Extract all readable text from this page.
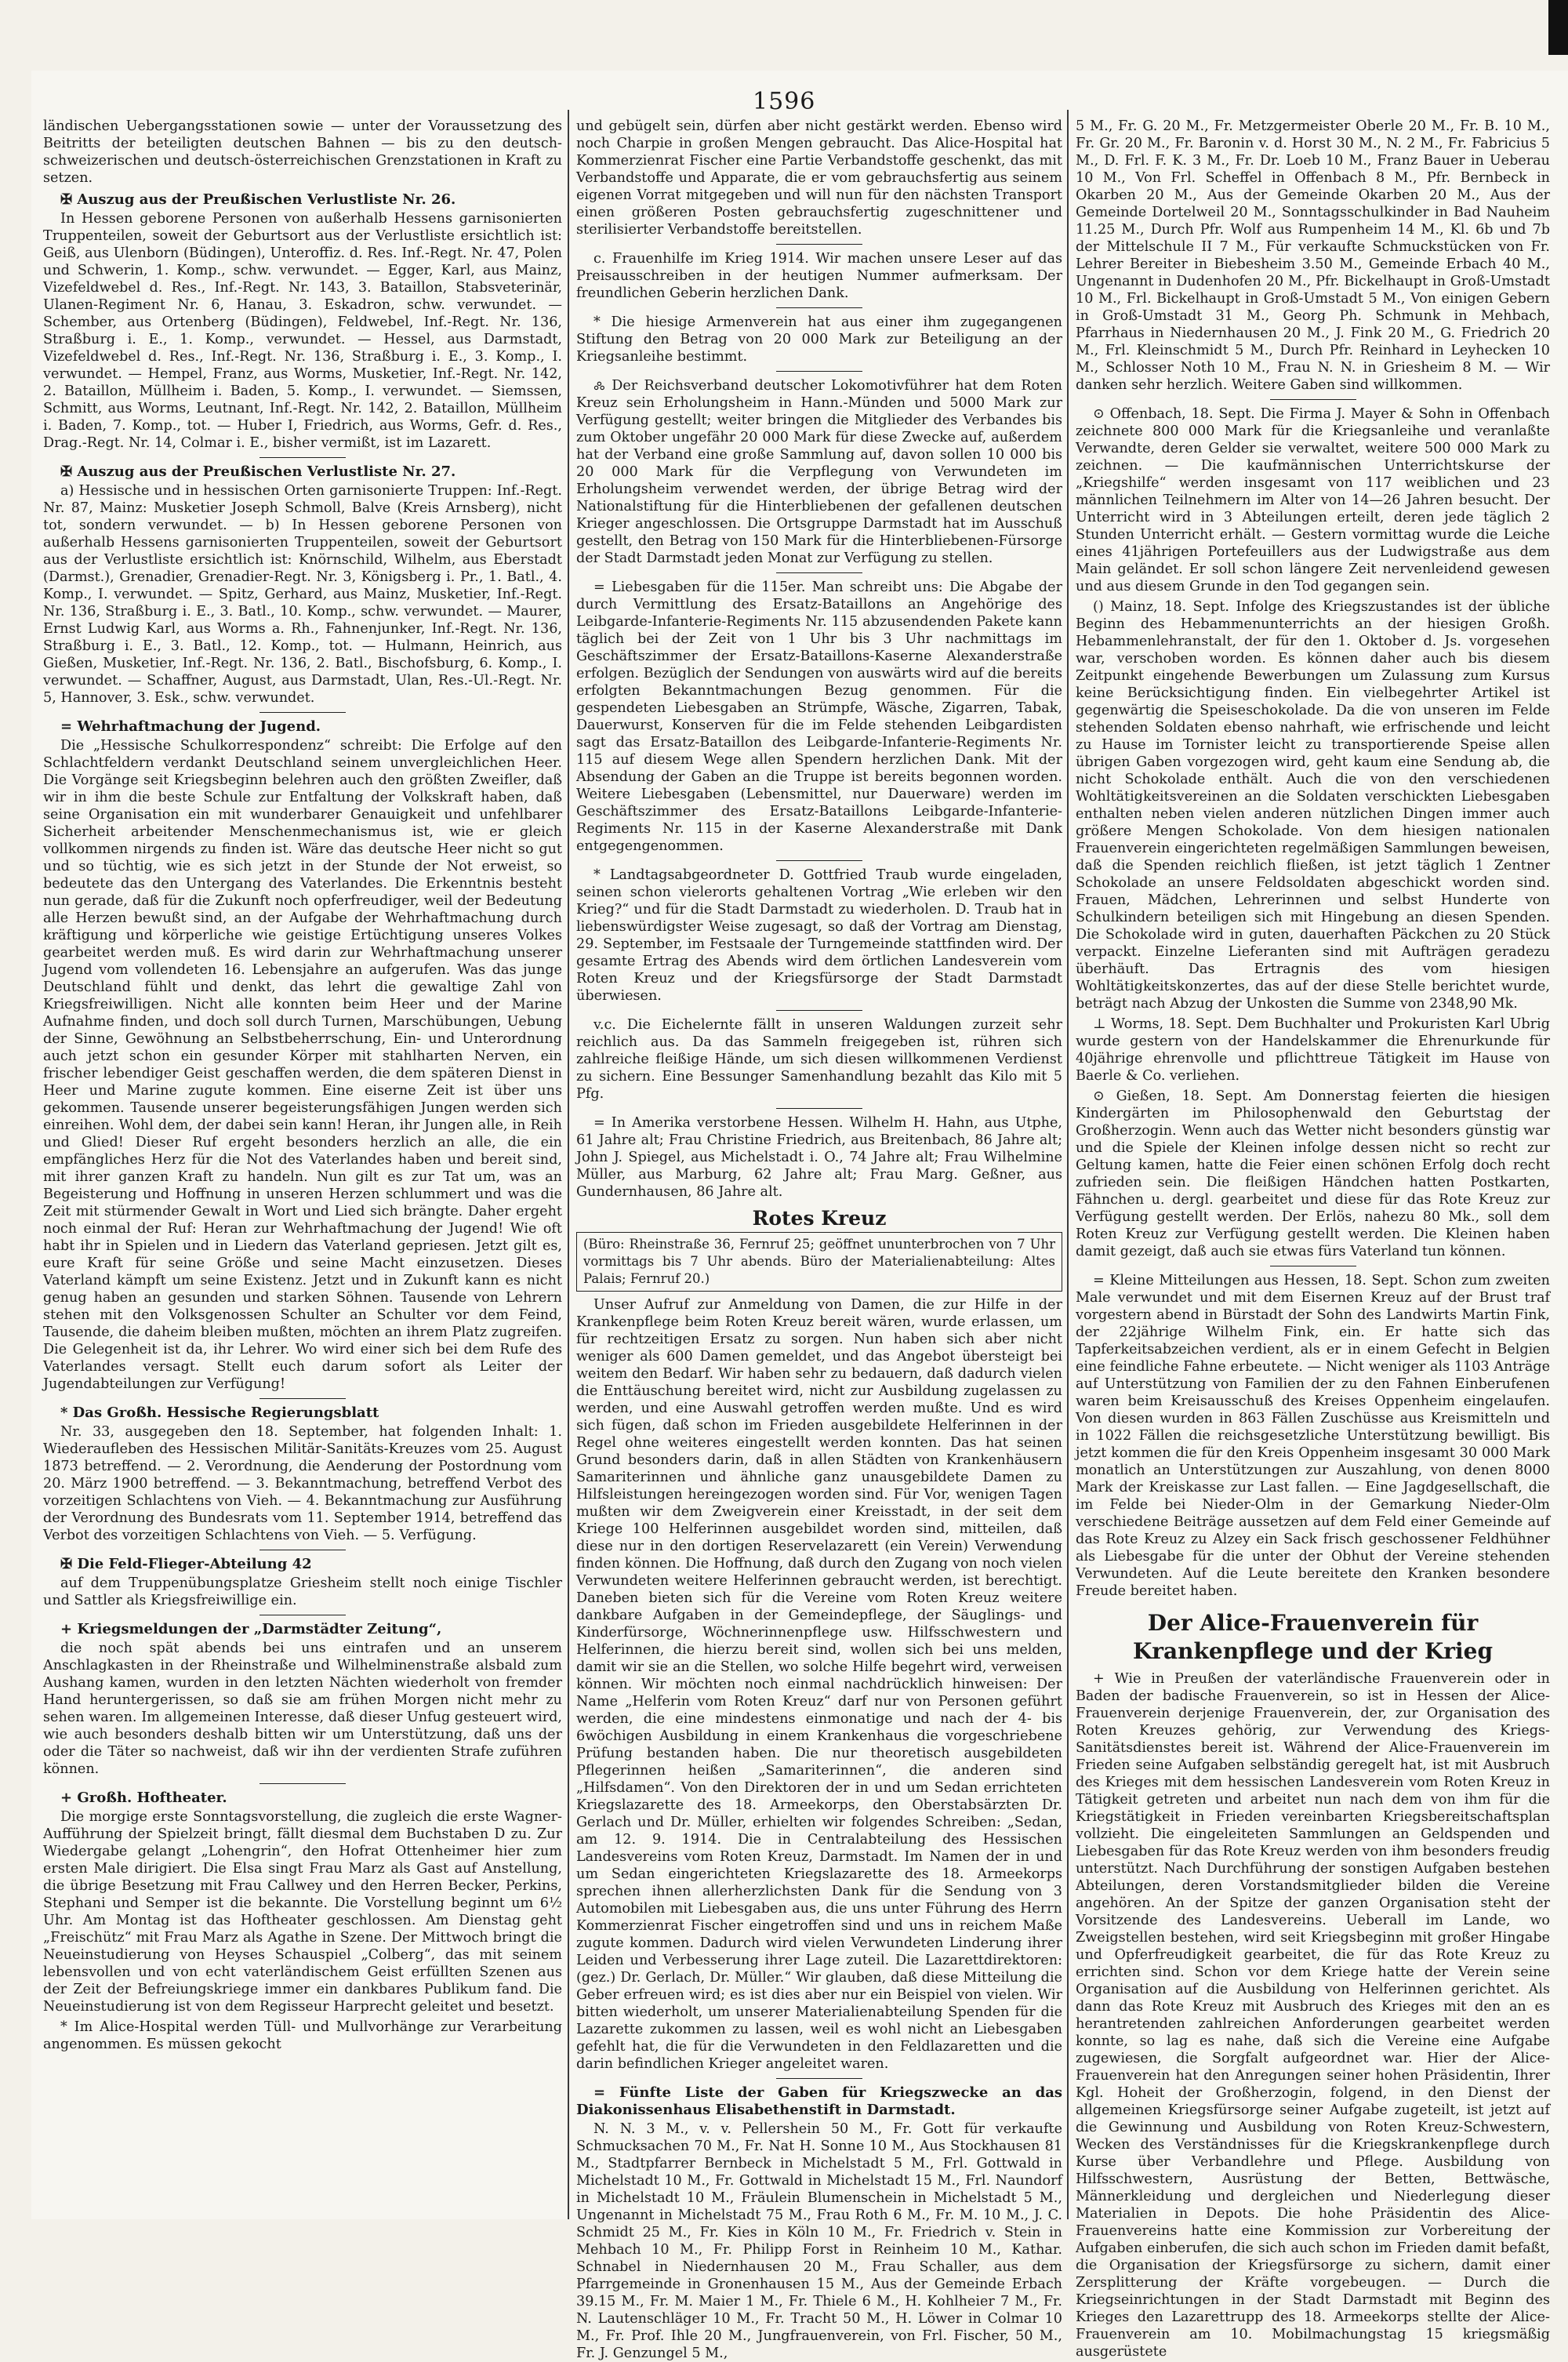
1596

ländischen Uebergangsstationen sowie — unter der Voraussetzung des Beitritts der beteiligten deutschen Bahnen — bis zu den deutsch-schweizerischen und deutsch-österreichischen Grenzstationen in Kraft zu setzen.

✠ Auszug aus der Preußischen Verlustliste Nr. 26.

In Hessen geborene Personen von außerhalb Hessens garnisonierten Truppenteilen, soweit der Geburtsort aus der Verlustliste ersichtlich ist: Geiß, aus Ulenborn (Büdingen), Unteroffiz. d. Res. Inf.-Regt. Nr. 47, Polen und Schwerin, 1. Komp., schw. verwundet. — Egger, Karl, aus Mainz, Vizefeldwebel d. Res., Inf.-Regt. Nr. 143, 3. Bataillon, Stabsveterinär, Ulanen-Regiment Nr. 6, Hanau, 3. Eskadron, schw. verwundet. — Schember, aus Ortenberg (Büdingen), Feldwebel, Inf.-Regt. Nr. 136, Straßburg i. E., 1. Komp., verwundet. — Hessel, aus Darmstadt, Vizefeldwebel d. Res., Inf.-Regt. Nr. 136, Straßburg i. E., 3. Komp., I. verwundet. — Hempel, Franz, aus Worms, Musketier, Inf.-Regt. Nr. 142, 2. Bataillon, Müllheim i. Baden, 5. Komp., I. verwundet. — Siemssen, Schmitt, aus Worms, Leutnant, Inf.-Regt. Nr. 142, 2. Bataillon, Müllheim i. Baden, 7. Komp., tot. — Huber I, Friedrich, aus Worms, Gefr. d. Res., Drag.-Regt. Nr. 14, Colmar i. E., bisher vermißt, ist im Lazarett.

✠ Auszug aus der Preußischen Verlustliste Nr. 27.

a) Hessische und in hessischen Orten garnisonierte Truppen: Inf.-Regt. Nr. 87, Mainz: Musketier Joseph Schmoll, Balve (Kreis Arnsberg), nicht tot, sondern verwundet. — b) In Hessen geborene Personen von außerhalb Hessens garnisonierten Truppenteilen, soweit der Geburtsort aus der Verlustliste ersichtlich ist: Knörnschild, Wilhelm, aus Eberstadt (Darmst.), Grenadier, Grenadier-Regt. Nr. 3, Königsberg i. Pr., 1. Batl., 4. Komp., I. verwundet. — Spitz, Gerhard, aus Mainz, Musketier, Inf.-Regt. Nr. 136, Straßburg i. E., 3. Batl., 10. Komp., schw. verwundet. — Maurer, Ernst Ludwig Karl, aus Worms a. Rh., Fahnenjunker, Inf.-Regt. Nr. 136, Straßburg i. E., 3. Batl., 12. Komp., tot. — Hulmann, Heinrich, aus Gießen, Musketier, Inf.-Regt. Nr. 136, 2. Batl., Bischofsburg, 6. Komp., I. verwundet. — Schaffner, August, aus Darmstadt, Ulan, Res.-Ul.-Regt. Nr. 5, Hannover, 3. Esk., schw. verwundet.

= Wehrhaftmachung der Jugend.

Die „Hessische Schulkorrespondenz“ schreibt: Die Erfolge auf den Schlachtfeldern verdankt Deutschland seinem unvergleichlichen Heer. Die Vorgänge seit Kriegsbeginn belehren auch den größten Zweifler, daß wir in ihm die beste Schule zur Entfaltung der Volkskraft haben, daß seine Organisation ein mit wunderbarer Genauigkeit und unfehlbarer Sicherheit arbeitender Menschenmechanismus ist, wie er gleich vollkommen nirgends zu finden ist. Wäre das deutsche Heer nicht so gut und so tüchtig, wie es sich jetzt in der Stunde der Not erweist, so bedeutete das den Untergang des Vaterlandes. Die Erkenntnis besteht nun gerade, daß für die Zukunft noch opferfreudiger, weil der Bedeutung alle Herzen bewußt sind, an der Aufgabe der Wehrhaftmachung durch kräftigung und körperliche wie geistige Ertüchtigung unseres Volkes gearbeitet werden muß. Es wird darin zur Wehrhaftmachung unserer Jugend vom vollendeten 16. Lebensjahre an aufgerufen. Was das junge Deutschland fühlt und denkt, das lehrt die gewaltige Zahl von Kriegsfreiwilligen. Nicht alle konnten beim Heer und der Marine Aufnahme finden, und doch soll durch Turnen, Marschübungen, Uebung der Sinne, Gewöhnung an Selbstbeherrschung, Ein- und Unterordnung auch jetzt schon ein gesunder Körper mit stahlharten Nerven, ein frischer lebendiger Geist geschaffen werden, die dem späteren Dienst in Heer und Marine zugute kommen. Eine eiserne Zeit ist über uns gekommen. Tausende unserer begeisterungsfähigen Jungen werden sich einreihen. Wohl dem, der dabei sein kann! Heran, ihr Jungen alle, in Reih und Glied! Dieser Ruf ergeht besonders herzlich an alle, die ein empfängliches Herz für die Not des Vaterlandes haben und bereit sind, mit ihrer ganzen Kraft zu handeln. Nun gilt es zur Tat um, was an Begeisterung und Hoffnung in unseren Herzen schlummert und was die Zeit mit stürmender Gewalt in Wort und Lied sich brängte. Daher ergeht noch einmal der Ruf: Heran zur Wehrhaftmachung der Jugend! Wie oft habt ihr in Spielen und in Liedern das Vaterland gepriesen. Jetzt gilt es, eure Kraft für seine Größe und seine Macht einzusetzen. Dieses Vaterland kämpft um seine Existenz. Jetzt und in Zukunft kann es nicht genug haben an gesunden und starken Söhnen. Tausende von Lehrern stehen mit den Volksgenossen Schulter an Schulter vor dem Feind, Tausende, die daheim bleiben mußten, möchten an ihrem Platz zugreifen. Die Gelegenheit ist da, ihr Lehrer. Wo wird einer sich bei dem Rufe des Vaterlandes versagt. Stellt euch darum sofort als Leiter der Jugendabteilungen zur Verfügung!

* Das Großh. Hessische Regierungsblatt

Nr. 33, ausgegeben den 18. September, hat folgenden Inhalt: 1. Wiederaufleben des Hessischen Militär-Sanitäts-Kreuzes vom 25. August 1873 betreffend. — 2. Verordnung, die Aenderung der Postordnung vom 20. März 1900 betreffend. — 3. Bekanntmachung, betreffend Verbot des vorzeitigen Schlachtens von Vieh. — 4. Bekanntmachung zur Ausführung der Verordnung des Bundesrats vom 11. September 1914, betreffend das Verbot des vorzeitigen Schlachtens von Vieh. — 5. Verfügung.

✠ Die Feld-Flieger-Abteilung 42

auf dem Truppenübungsplatze Griesheim stellt noch einige Tischler und Sattler als Kriegsfreiwillige ein.

+ Kriegsmeldungen der „Darmstädter Zeitung“,

die noch spät abends bei uns eintrafen und an unserem Anschlagkasten in der Rheinstraße und Wilhelminenstraße alsbald zum Aushang kamen, wurden in den letzten Nächten wiederholt von fremder Hand heruntergerissen, so daß sie am frühen Morgen nicht mehr zu sehen waren. Im allgemeinen Interesse, daß dieser Unfug gesteuert wird, wie auch besonders deshalb bitten wir um Unterstützung, daß uns der oder die Täter so nachweist, daß wir ihn der verdienten Strafe zuführen können.

+ Großh. Hoftheater.

Die morgige erste Sonntagsvorstellung, die zugleich die erste Wagner-Aufführung der Spielzeit bringt, fällt diesmal dem Buchstaben D zu. Zur Wiedergabe gelangt „Lohengrin“, den Hofrat Ottenheimer hier zum ersten Male dirigiert. Die Elsa singt Frau Marz als Gast auf Anstellung, die übrige Besetzung mit Frau Callwey und den Herren Becker, Perkins, Stephani und Semper ist die bekannte. Die Vorstellung beginnt um 6½ Uhr. Am Montag ist das Hoftheater geschlossen. Am Dienstag geht „Freischütz“ mit Frau Marz als Agathe in Szene. Der Mittwoch bringt die Neueinstudierung von Heyses Schauspiel „Colberg“, das mit seinem lebensvollen und von echt vaterländischem Geist erfüllten Szenen aus der Zeit der Befreiungskriege immer ein dankbares Publikum fand. Die Neueinstudierung ist von dem Regisseur Harprecht geleitet und besetzt.

* Im Alice-Hospital werden Tüll- und Mullvorhänge zur Verarbeitung angenommen. Es müssen gekocht

und gebügelt sein, dürfen aber nicht gestärkt werden. Ebenso wird noch Charpie in großen Mengen gebraucht. Das Alice-Hospital hat Kommerzienrat Fischer eine Partie Verbandstoffe geschenkt, das mit Verbandstoffe und Apparate, die er vom gebrauchsfertig aus seinem eigenen Vorrat mitgegeben und will nun für den nächsten Transport einen größeren Posten gebrauchsfertig zugeschnittener und sterilisierter Verbandstoffe bereitstellen.

c. Frauenhilfe im Krieg 1914. Wir machen unsere Leser auf das Preisausschreiben in der heutigen Nummer aufmerksam. Der freundlichen Geberin herzlichen Dank.

* Die hiesige Armenverein hat aus einer ihm zugegangenen Stiftung den Betrag von 20 000 Mark zur Beteiligung an der Kriegsanleihe bestimmt.

🝆 Der Reichsverband deutscher Lokomotivführer hat dem Roten Kreuz sein Erholungsheim in Hann.-Münden und 5000 Mark zur Verfügung gestellt; weiter bringen die Mitglieder des Verbandes bis zum Oktober ungefähr 20 000 Mark für diese Zwecke auf, außerdem hat der Verband eine große Sammlung auf, davon sollen 10 000 bis 20 000 Mark für die Verpflegung von Verwundeten im Erholungsheim verwendet werden, der übrige Betrag wird der Nationalstiftung für die Hinterbliebenen der gefallenen deutschen Krieger angeschlossen. Die Ortsgruppe Darmstadt hat im Ausschuß gestellt, den Betrag von 150 Mark für die Hinterbliebenen-Fürsorge der Stadt Darmstadt jeden Monat zur Verfügung zu stellen.

= Liebesgaben für die 115er. Man schreibt uns: Die Abgabe der durch Vermittlung des Ersatz-Bataillons an Angehörige des Leibgarde-Infanterie-Regiments Nr. 115 abzusendenden Pakete kann täglich bei der Zeit von 1 Uhr bis 3 Uhr nachmittags im Geschäftszimmer der Ersatz-Bataillons-Kaserne Alexanderstraße erfolgen. Bezüglich der Sendungen von auswärts wird auf die bereits erfolgten Bekanntmachungen Bezug genommen. Für die gespendeten Liebesgaben an Strümpfe, Wäsche, Zigarren, Tabak, Dauerwurst, Konserven für die im Felde stehenden Leibgardisten sagt das Ersatz-Bataillon des Leibgarde-Infanterie-Regiments Nr. 115 auf diesem Wege allen Spendern herzlichen Dank. Mit der Absendung der Gaben an die Truppe ist bereits begonnen worden. Weitere Liebesgaben (Lebensmittel, nur Dauerware) werden im Geschäftszimmer des Ersatz-Bataillons Leibgarde-Infanterie-Regiments Nr. 115 in der Kaserne Alexanderstraße mit Dank entgegengenommen.

* Landtagsabgeordneter D. Gottfried Traub wurde eingeladen, seinen schon vielerorts gehaltenen Vortrag „Wie erleben wir den Krieg?“ und für die Stadt Darmstadt zu wiederholen. D. Traub hat in liebenswürdigster Weise zugesagt, so daß der Vortrag am Dienstag, 29. September, im Festsaale der Turngemeinde stattfinden wird. Der gesamte Ertrag des Abends wird dem örtlichen Landesverein vom Roten Kreuz und der Kriegsfürsorge der Stadt Darmstadt überwiesen.

v.c. Die Eichelernte fällt in unseren Waldungen zurzeit sehr reichlich aus. Da das Sammeln freigegeben ist, rühren sich zahlreiche fleißige Hände, um sich diesen willkommenen Verdienst zu sichern. Eine Bessunger Samenhandlung bezahlt das Kilo mit 5 Pfg.

= In Amerika verstorbene Hessen. Wilhelm H. Hahn, aus Utphe, 61 Jahre alt; Frau Christine Friedrich, aus Breitenbach, 86 Jahre alt; John J. Spiegel, aus Michelstadt i. O., 74 Jahre alt; Frau Wilhelmine Müller, aus Marburg, 62 Jahre alt; Frau Marg. Geßner, aus Gundernhausen, 86 Jahre alt.

Rotes Kreuz
(Büro: Rheinstraße 36, Fernruf 25; geöffnet ununterbrochen von 7 Uhr vormittags bis 7 Uhr abends. Büro der Materialienabteilung: Altes Palais; Fernruf 20.)

Unser Aufruf zur Anmeldung von Damen, die zur Hilfe in der Krankenpflege beim Roten Kreuz bereit wären, wurde erlassen, um für rechtzeitigen Ersatz zu sorgen. Nun haben sich aber nicht weniger als 600 Damen gemeldet, und das Angebot übersteigt bei weitem den Bedarf. Wir haben sehr zu bedauern, daß dadurch vielen die Enttäuschung bereitet wird, nicht zur Ausbildung zugelassen zu werden, und eine Auswahl getroffen werden mußte. Und es wird sich fügen, daß schon im Frieden ausgebildete Helferinnen in der Regel ohne weiteres eingestellt werden konnten. Das hat seinen Grund besonders darin, daß in allen Städten von Krankenhäusern Samariterinnen und ähnliche ganz unausgebildete Damen zu Hilfsleistungen hereingezogen worden sind. Für Vor, wenigen Tagen mußten wir dem Zweigverein einer Kreisstadt, in der seit dem Kriege 100 Helferinnen ausgebildet worden sind, mitteilen, daß diese nur in den dortigen Reservelazarett (ein Verein) Verwendung finden können. Die Hoffnung, daß durch den Zugang von noch vielen Verwundeten weitere Helferinnen gebraucht werden, ist berechtigt. Daneben bieten sich für die Vereine vom Roten Kreuz weitere dankbare Aufgaben in der Gemeindepflege, der Säuglings- und Kinderfürsorge, Wöchnerinnenpflege usw. Hilfsschwestern und Helferinnen, die hierzu bereit sind, wollen sich bei uns melden, damit wir sie an die Stellen, wo solche Hilfe begehrt wird, verweisen können. Wir möchten noch einmal nachdrücklich hinweisen: Der Name „Helferin vom Roten Kreuz“ darf nur von Personen geführt werden, die eine mindestens einmonatige und nach der 4- bis 6wöchigen Ausbildung in einem Krankenhaus die vorgeschriebene Prüfung bestanden haben. Die nur theoretisch ausgebildeten Pflegerinnen heißen „Samariterinnen“, die anderen sind „Hilfsdamen“. Von den Direktoren der in und um Sedan errichteten Kriegslazarette des 18. Armeekorps, den Oberstabsärzten Dr. Gerlach und Dr. Müller, erhielten wir folgendes Schreiben: „Sedan, am 12. 9. 1914. Die in Centralabteilung des Hessischen Landesvereins vom Roten Kreuz, Darmstadt. Im Namen der in und um Sedan eingerichteten Kriegslazarette des 18. Armeekorps sprechen ihnen allerherzlichsten Dank für die Sendung von 3 Automobilen mit Liebesgaben aus, die uns unter Führung des Herrn Kommerzienrat Fischer eingetroffen sind und uns in reichem Maße zugute kommen. Dadurch wird vielen Verwundeten Linderung ihrer Leiden und Verbesserung ihrer Lage zuteil. Die Lazarettdirektoren: (gez.) Dr. Gerlach, Dr. Müller.“ Wir glauben, daß diese Mitteilung die Geber erfreuen wird; es ist dies aber nur ein Beispiel von vielen. Wir bitten wiederholt, um unserer Materialienabteilung Spenden für die Lazarette zukommen zu lassen, weil es wohl nicht an Liebesgaben gefehlt hat, die für die Verwundeten in den Feldlazaretten und die darin befindlichen Krieger angeleitet waren.

= Fünfte Liste der Gaben für Kriegszwecke an das Diakonissenhaus Elisabethenstift in Darmstadt.

N. N. 3 M., v. v. Pellershein 50 M., Fr. Gott für verkaufte Schmucksachen 70 M., Fr. Nat H. Sonne 10 M., Aus Stockhausen 81 M., Stadtpfarrer Bernbeck in Michelstadt 5 M., Frl. Gottwald in Michelstadt 10 M., Fr. Gottwald in Michelstadt 15 M., Frl. Naundorf in Michelstadt 10 M., Fräulein Blumenschein in Michelstadt 5 M., Ungenannt in Michelstadt 75 M., Frau Roth 6 M., Fr. M. 10 M., J. C. Schmidt 25 M., Fr. Kies in Köln 10 M., Fr. Friedrich v. Stein in Mehbach 10 M., Fr. Philipp Forst in Reinheim 10 M., Kathar. Schnabel in Niedernhausen 20 M., Frau Schaller, aus dem Pfarrgemeinde in Gronenhausen 15 M., Aus der Gemeinde Erbach 39.15 M., Fr. M. Maier 1 M., Fr. Thiele 6 M., H. Kohlheier 7 M., Fr. N. Lautenschläger 10 M., Fr. Tracht 50 M., H. Löwer in Colmar 10 M., Fr. Prof. Ihle 20 M., Jungfrauenverein, von Frl. Fischer, 50 M., Fr. J. Genzungel 5 M.,

5 M., Fr. G. 20 M., Fr. Metzgermeister Oberle 20 M., Fr. B. 10 M., Fr. Gr. 20 M., Fr. Baronin v. d. Horst 30 M., N. 2 M., Fr. Fabricius 5 M., D. Frl. F. K. 3 M., Fr. Dr. Loeb 10 M., Franz Bauer in Ueberau 10 M., Von Frl. Scheffel in Offenbach 8 M., Pfr. Bernbeck in Okarben 20 M., Aus der Gemeinde Okarben 20 M., Aus der Gemeinde Dortelweil 20 M., Sonntagsschulkinder in Bad Nauheim 11.25 M., Durch Pfr. Wolf aus Rumpenheim 14 M., Kl. 6b und 7b der Mittelschule II 7 M., Für verkaufte Schmuckstücken von Fr. Lehrer Bereiter in Biebesheim 3.50 M., Gemeinde Erbach 40 M., Ungenannt in Dudenhofen 20 M., Pfr. Bickelhaupt in Groß-Umstadt 10 M., Frl. Bickelhaupt in Groß-Umstadt 5 M., Von einigen Gebern in Groß-Umstadt 31 M., Georg Ph. Schmunk in Mehbach, Pfarrhaus in Niedernhausen 20 M., J. Fink 20 M., G. Friedrich 20 M., Frl. Kleinschmidt 5 M., Durch Pfr. Reinhard in Leyhecken 10 M., Schlosser Noth 10 M., Frau N. N. in Griesheim 8 M. — Wir danken sehr herzlich. Weitere Gaben sind willkommen.

⊙ Offenbach, 18. Sept. Die Firma J. Mayer & Sohn in Offenbach zeichnete 800 000 Mark für die Kriegsanleihe und veranlaßte Verwandte, deren Gelder sie verwaltet, weitere 500 000 Mark zu zeichnen. — Die kaufmännischen Unterrichtskurse der „Kriegshilfe“ werden insgesamt von 117 weiblichen und 23 männlichen Teilnehmern im Alter von 14—26 Jahren besucht. Der Unterricht wird in 3 Abteilungen erteilt, deren jede täglich 2 Stunden Unterricht erhält. — Gestern vormittag wurde die Leiche eines 41jährigen Portefeuillers aus der Ludwigstraße aus dem Main geländet. Er soll schon längere Zeit nervenleidend gewesen und aus diesem Grunde in den Tod gegangen sein.

() Mainz, 18. Sept. Infolge des Kriegszustandes ist der übliche Beginn des Hebammenunterrichts an der hiesigen Großh. Hebammenlehranstalt, der für den 1. Oktober d. Js. vorgesehen war, verschoben worden. Es können daher auch bis diesem Zeitpunkt eingehende Bewerbungen um Zulassung zum Kursus keine Berücksichtigung finden. Ein vielbegehrter Artikel ist gegenwärtig die Speiseschokolade. Da die von unseren im Felde stehenden Soldaten ebenso nahrhaft, wie erfrischende und leicht zu Hause im Tornister leicht zu transportierende Speise allen übrigen Gaben vorgezogen wird, geht kaum eine Sendung ab, die nicht Schokolade enthält. Auch die von den verschiedenen Wohltätigkeitsvereinen an die Soldaten verschickten Liebesgaben enthalten neben vielen anderen nützlichen Dingen immer auch größere Mengen Schokolade. Von dem hiesigen nationalen Frauenverein eingerichteten regelmäßigen Sammlungen beweisen, daß die Spenden reichlich fließen, ist jetzt täglich 1 Zentner Schokolade an unsere Feldsoldaten abgeschickt worden sind. Frauen, Mädchen, Lehrerinnen und selbst Hunderte von Schulkindern beteiligen sich mit Hingebung an diesen Spenden. Die Schokolade wird in guten, dauerhaften Päckchen zu 20 Stück verpackt. Einzelne Lieferanten sind mit Aufträgen geradezu überhäuft. Das Ertragnis des vom hiesigen Wohltätigkeitskonzertes, das auf der diese Stelle berichtet wurde, beträgt nach Abzug der Unkosten die Summe von 2348,90 Mk.

⊥ Worms, 18. Sept. Dem Buchhalter und Prokuristen Karl Ubrig wurde gestern von der Handelskammer die Ehrenurkunde für 40jährige ehrenvolle und pflichttreue Tätigkeit im Hause von Baerle & Co. verliehen.

⊙ Gießen, 18. Sept. Am Donnerstag feierten die hiesigen Kindergärten im Philosophenwald den Geburtstag der Großherzogin. Wenn auch das Wetter nicht besonders günstig war und die Spiele der Kleinen infolge dessen nicht so recht zur Geltung kamen, hatte die Feier einen schönen Erfolg doch recht zufrieden sein. Die fleißigen Händchen hatten Postkarten, Fähnchen u. dergl. gearbeitet und diese für das Rote Kreuz zur Verfügung gestellt werden. Der Erlös, nahezu 80 Mk., soll dem Roten Kreuz zur Verfügung gestellt werden. Die Kleinen haben damit gezeigt, daß auch sie etwas fürs Vaterland tun können.

= Kleine Mitteilungen aus Hessen, 18. Sept. Schon zum zweiten Male verwundet und mit dem Eisernen Kreuz auf der Brust traf vorgestern abend in Bürstadt der Sohn des Landwirts Martin Fink, der 22jährige Wilhelm Fink, ein. Er hatte sich das Tapferkeitsabzeichen verdient, als er in einem Gefecht in Belgien eine feindliche Fahne erbeutete. — Nicht weniger als 1103 Anträge auf Unterstützung von Familien der zu den Fahnen Einberufenen waren beim Kreisausschuß des Kreises Oppenheim eingelaufen. Von diesen wurden in 863 Fällen Zuschüsse aus Kreismitteln und in 1022 Fällen die reichsgesetzliche Unterstützung bewilligt. Bis jetzt kommen die für den Kreis Oppenheim insgesamt 30 000 Mark monatlich an Unterstützungen zur Auszahlung, von denen 8000 Mark der Kreiskasse zur Last fallen. — Eine Jagdgesellschaft, die im Felde bei Nieder-Olm in der Gemarkung Nieder-Olm verschiedene Beiträge aussetzen auf dem Feld einer Gemeinde auf das Rote Kreuz zu Alzey ein Sack frisch geschossener Feldhühner als Liebesgabe für die unter der Obhut der Vereine stehenden Verwundeten. Auf die Leute bereitete den Kranken besondere Freude bereitet haben.

Der Alice-Frauenverein für Krankenpflege und der Krieg

+ Wie in Preußen der vaterländische Frauenverein oder in Baden der badische Frauenverein, so ist in Hessen der Alice-Frauenverein derjenige Frauenverein, der, zur Organisation des Roten Kreuzes gehörig, zur Verwendung des Kriegs-Sanitätsdienstes bereit ist. Während der Alice-Frauenverein im Frieden seine Aufgaben selbständig geregelt hat, ist mit Ausbruch des Krieges mit dem hessischen Landesverein vom Roten Kreuz in Tätigkeit getreten und arbeitet nun nach dem von ihm für die Kriegstätigkeit in Frieden vereinbarten Kriegsbereitschaftsplan vollzieht. Die eingeleiteten Sammlungen an Geldspenden und Liebesgaben für das Rote Kreuz werden von ihm besonders freudig unterstützt. Nach Durchführung der sonstigen Aufgaben bestehen Abteilungen, deren Vorstandsmitglieder bilden die Vereine angehören. An der Spitze der ganzen Organisation steht der Vorsitzende des Landesvereins. Ueberall im Lande, wo Zweigstellen bestehen, wird seit Kriegsbeginn mit großer Hingabe und Opferfreudigkeit gearbeitet, die für das Rote Kreuz zu errichten sind. Schon vor dem Kriege hatte der Verein seine Organisation auf die Ausbildung von Helferinnen gerichtet. Als dann das Rote Kreuz mit Ausbruch des Krieges mit den an es herantretenden zahlreichen Anforderungen gearbeitet werden konnte, so lag es nahe, daß sich die Vereine eine Aufgabe zugewiesen, die Sorgfalt aufgeordnet war. Hier der Alice-Frauenverein hat den Anregungen seiner hohen Präsidentin, Ihrer Kgl. Hoheit der Großherzogin, folgend, in den Dienst der allgemeinen Kriegsfürsorge seiner Aufgabe zugeteilt, ist jetzt auf die Gewinnung und Ausbildung von Roten Kreuz-Schwestern, Wecken des Verständnisses für die Kriegskrankenpflege durch Kurse über Verbandlehre und Pflege. Ausbildung von Hilfsschwestern, Ausrüstung der Betten, Bettwäsche, Männerkleidung und dergleichen und Niederlegung dieser Materialien in Depots. Die hohe Präsidentin des Alice-Frauenvereins hatte eine Kommission zur Vorbereitung der Aufgaben einberufen, die sich auch schon im Frieden damit befaßt, die Organisation der Kriegsfürsorge zu sichern, damit einer Zersplitterung der Kräfte vorgebeugen. — Durch die Kriegseinrichtungen in der Stadt Darmstadt mit Beginn des Krieges den Lazarettrupp des 18. Armeekorps stellte der Alice-Frauenverein am 10. Mobilmachungstag 15 kriegsmäßig ausgerüstete
